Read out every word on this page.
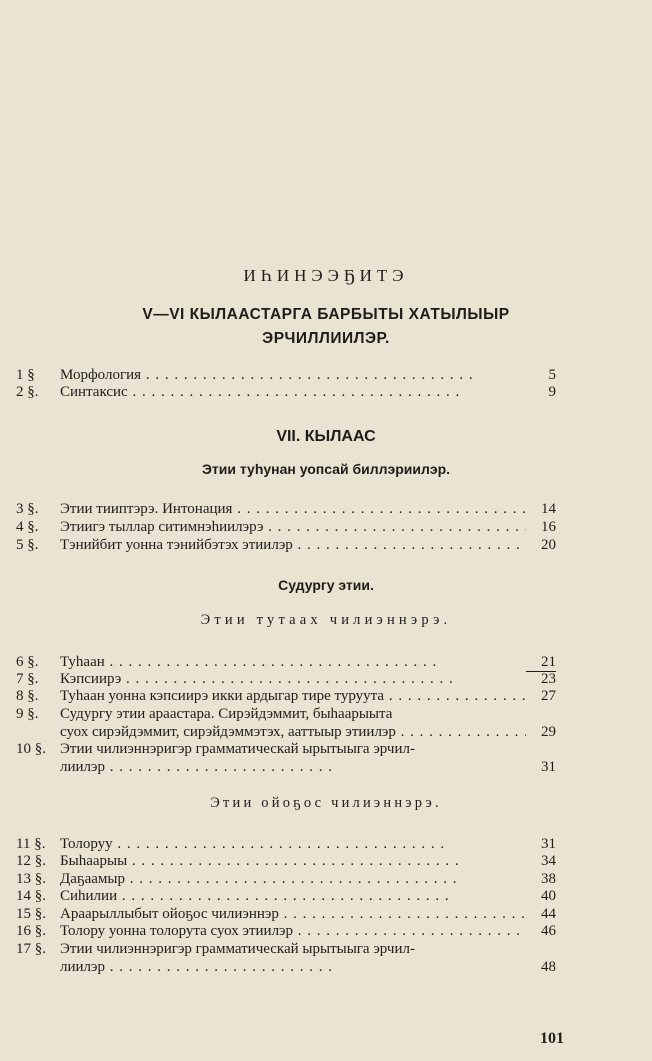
ИҺИНЭЭҔИТЭ
V—VI КЫЛААСТАРГА БАРБЫТЫ ХАТЫЛЫЫР
ЭРЧИЛЛИИЛЭР.
1 §	Морфология . .	5
2 §.	Синтаксис . .	9
VII. КЫЛААС
Этии туһунан уопсай биллэриилэр.
3 §.	Этии тииптэрэ. Интонация . .	14
4 §.	Этиигэ тыллар ситимнэһиилэрэ . .	16
5 §.	Тэнийбит уонна тэнийбэтэх этиилэр . .	20
Судургу этии.
Этии тутаах чилиэннэрэ.
6 §.	Туһаан . .	21
7 §.	Кэпсиирэ . .	23
8 §.	Туһаан уонна кэпсиирэ икки ардыгар тире туруута . .	27
9 §.	Судургу этии араастара. Сирэйдэммит, быһаарыыта
суох сирэйдэммит, сирэйдэммэтэх, ааттыыр этиилэр . .	29
10 §. Этии чилиэннэригэр грамматическай ырытыыга эрчил-
лиилэр . .	31
Этии ойоҕос чилиэннэрэ.
11 §. Толоруу . .	31
12 §. Быһаарыы . .	34
13 §. Даҕаамыр . .	38
14 §. Сиһилии . .	40
15 §. Араарыллыбыт ойоҕос чилиэннэр . .	44
16 §. Толору уонна толорута суох этиилэр . .	46
17 §. Этии чилиэннэригэр грамматическай ырытыыга эрчил-
лиилэр . .	48
101
